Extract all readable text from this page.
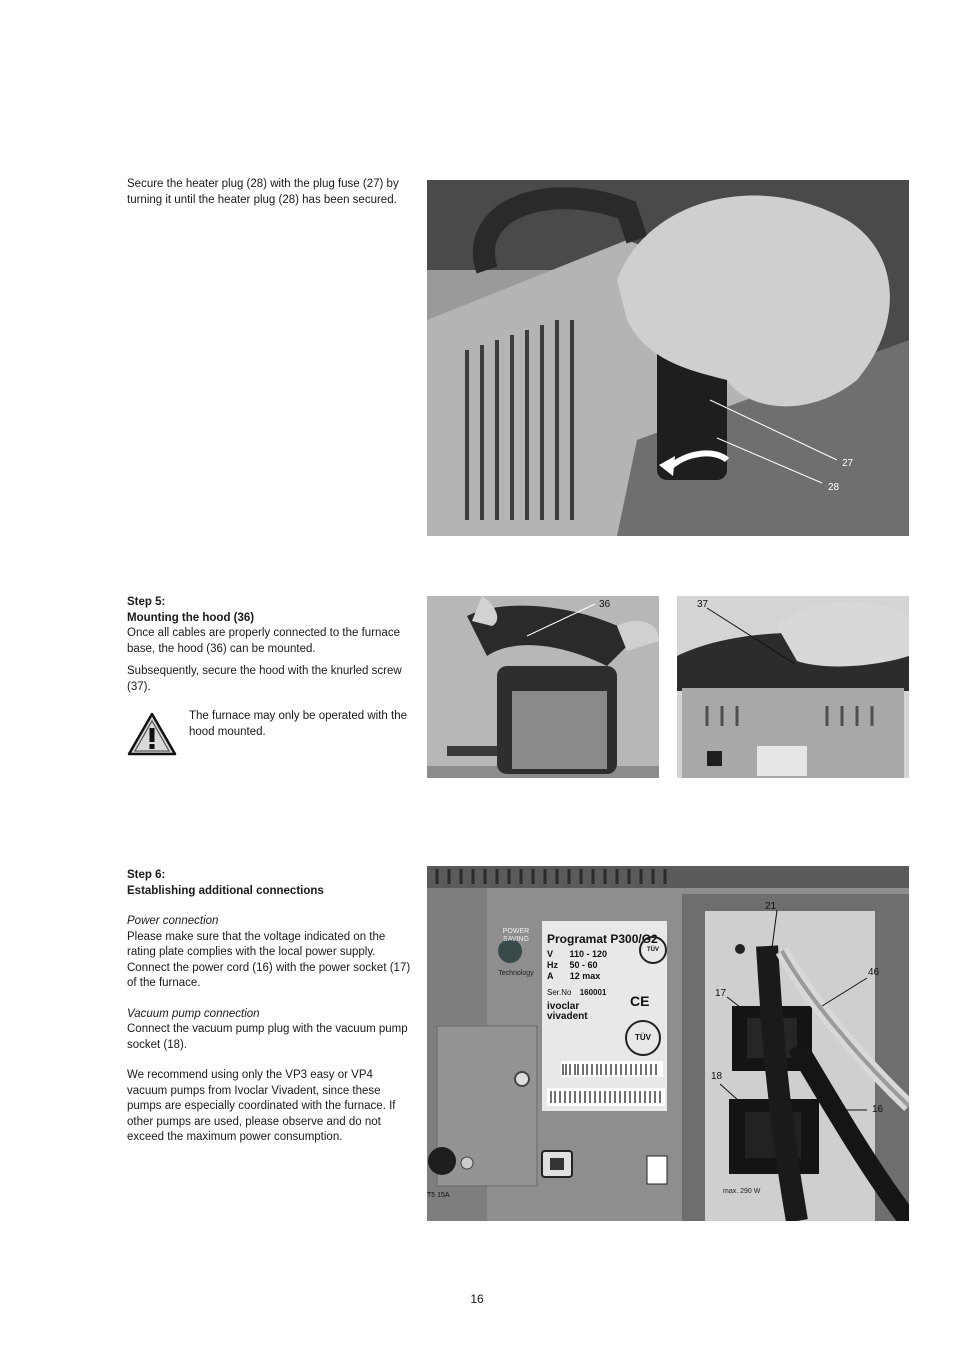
Secure the heater plug (28) with the plug fuse (27) by turning it until the heater plug (28) has been secured.

27
28

Step 5:

Mounting the hood (36)

Once all cables are properly connected to the furnace base, the hood (36) can be mounted.

Subsequently, secure the hood with the knurled screw (37).

The furnace may only be operated with the hood mounted.
36	37

Step 6:

Establishing additional connections

Power connection

Please make sure that the voltage indicated on the rating plate complies with the local power supply. Connect the power cord (16) with the power socket (17) of the furnace.

Vacuum pump connection

Connect the vacuum pump plug with the vacuum pump socket (18).

We recommend using only the VP3 easy or VP4 vacuum pumps from Ivoclar Vivadent, since these pumps are especially coordinated with the furnace. If other pumps are used, please observe and do not exceed the maximum power consumption.

POWER
SAVING
Technology
Programat P300/G2
V 110 - 120
Hz 50 - 60
A 12 max
Ser.No 160001
ivoclar
vivadent
CE
TÜV
TÜV
T5 15A
max. 290 W
21
46
17
18
16
16
